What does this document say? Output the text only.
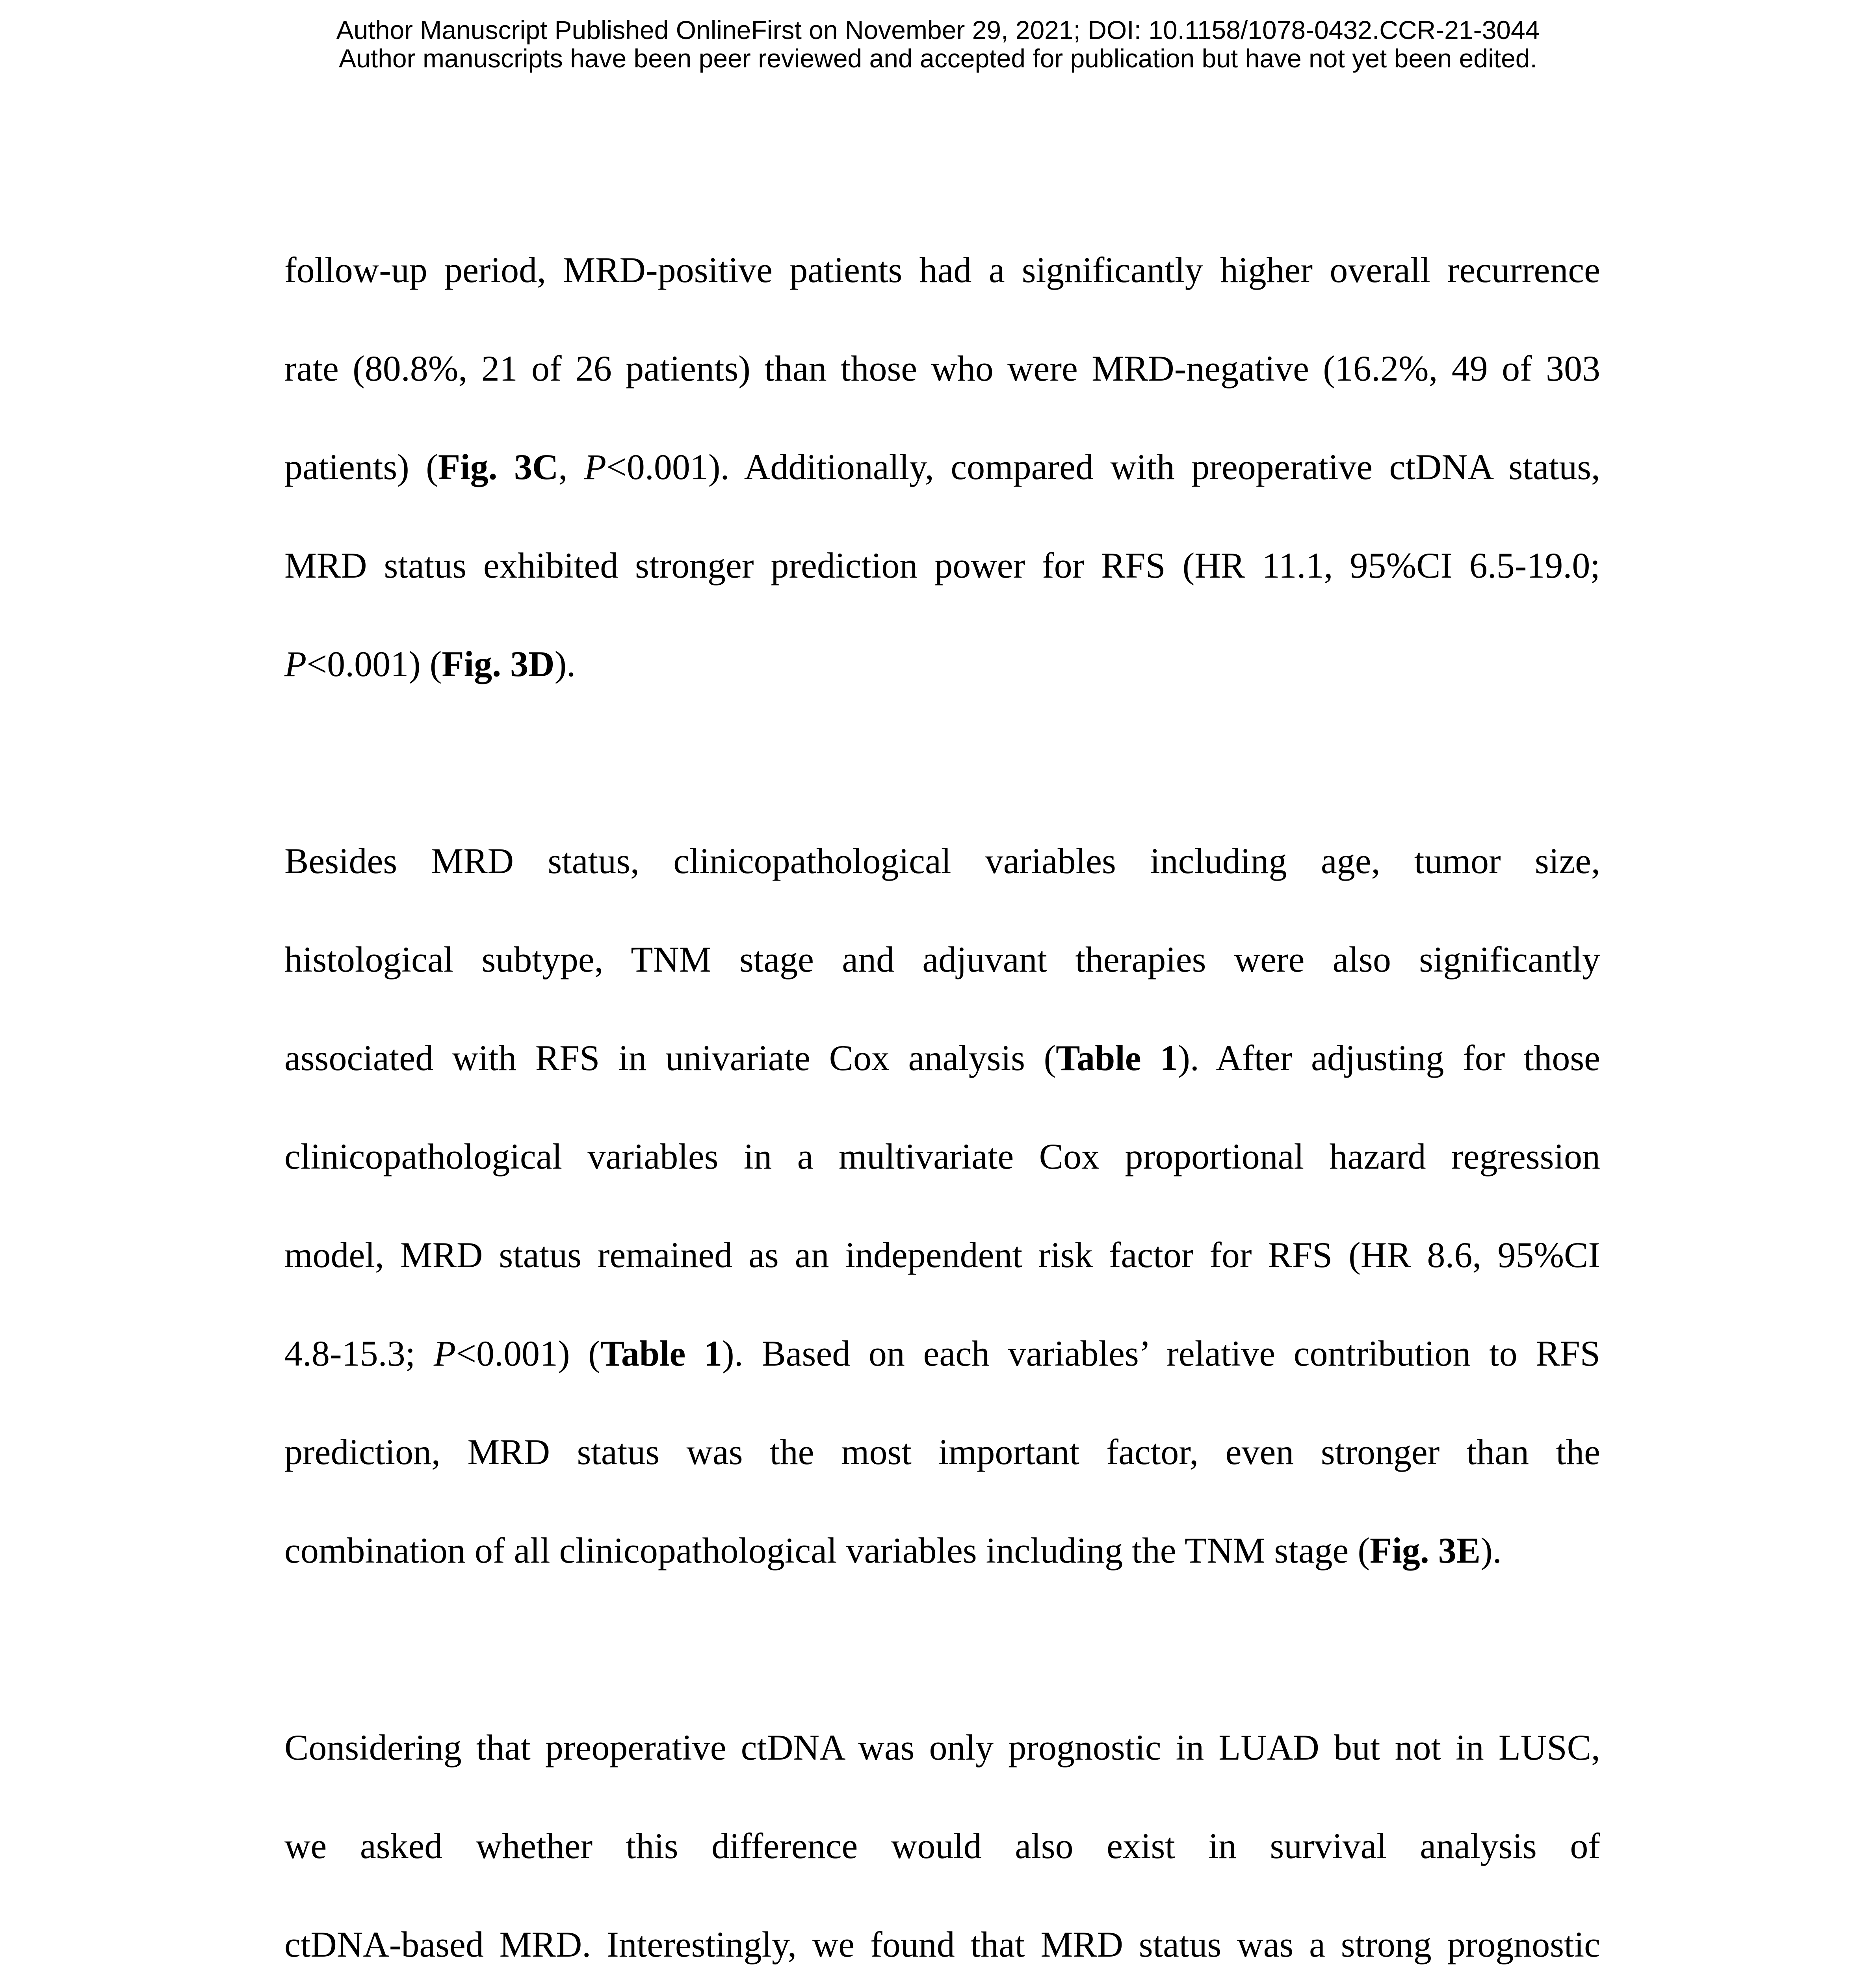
Author Manuscript Published OnlineFirst on November 29, 2021; DOI: 10.1158/1078-0432.CCR-21-3044
Author manuscripts have been peer reviewed and accepted for publication but have not yet been edited.
follow-up period, MRD-positive patients had a significantly higher overall recurrence
rate (80.8%, 21 of 26 patients) than those who were MRD-negative (16.2%, 49 of 303
patients) (Fig. 3C, P<0.001). Additionally, compared with preoperative ctDNA status,
MRD status exhibited stronger prediction power for RFS (HR 11.1, 95%CI 6.5-19.0;
P<0.001) (Fig. 3D).
Besides MRD status, clinicopathological variables including age, tumor size,
histological subtype, TNM stage and adjuvant therapies were also significantly
associated with RFS in univariate Cox analysis (Table 1). After adjusting for those
clinicopathological variables in a multivariate Cox proportional hazard regression
model, MRD status remained as an independent risk factor for RFS (HR 8.6, 95%CI
4.8-15.3; P<0.001) (Table 1). Based on each variables’ relative contribution to RFS
prediction, MRD status was the most important factor, even stronger than the
combination of all clinicopathological variables including the TNM stage (Fig. 3E).
Considering that preoperative ctDNA was only prognostic in LUAD but not in LUSC,
we asked whether this difference would also exist in survival analysis of
ctDNA-based MRD. Interestingly, we found that MRD status was a strong prognostic
